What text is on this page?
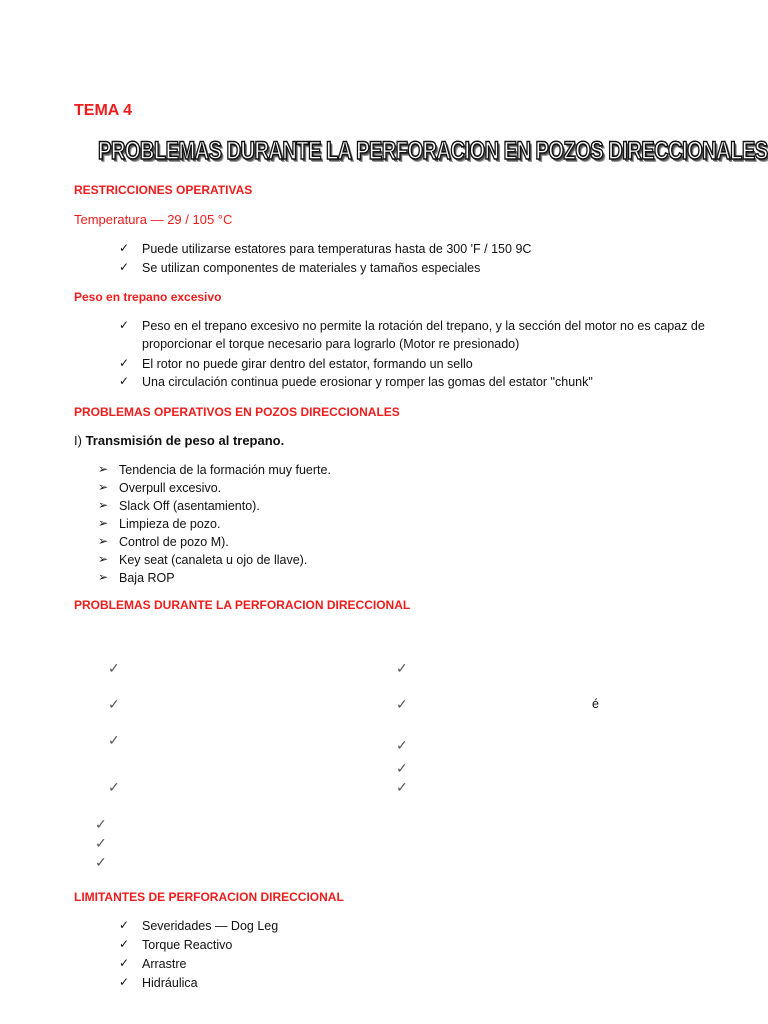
TEMA 4
PROBLEMAS DURANTE LA PERFORACION EN POZOS DIRECCIONALES
RESTRICCIONES OPERATIVAS
Temperatura — 29 / 105 °C
✓ Puede utilizarse estatores para temperaturas hasta de 300 'F / 150 9C
✓ Se utilizan componentes de materiales y tamaños especiales
Peso en trepano excesivo
✓ Peso en el trepano excesivo no permite la rotación del trepano, y la sección del motor no es capaz de
proporcionar el torque necesario para lograrlo (Motor re presionado)
✓ El rotor no puede girar dentro del estator, formando un sello
✓ Una circulación continua puede erosionar y romper las gomas del estator "chunk"
PROBLEMAS OPERATIVOS EN POZOS DIRECCIONALES
I) Transmisión de peso al trepano.
➢ Tendencia de la formación muy fuerte.
➢ Overpull excesivo.
➢ Slack Off (asentamiento).
➢ Limpieza de pozo.
➢ Control de pozo M).
➢ Key seat (canaleta u ojo de llave).
➢ Baja ROP
PROBLEMAS DURANTE LA PERFORACION DIRECCIONAL
✓
✓
✓
✓
✓
✓
✓
✓
✓
✓
✓
✓
é
LIMITANTES DE PERFORACION DIRECCIONAL
✓ Severidades — Dog Leg
✓ Torque Reactivo
✓ Arrastre
✓ Hidráulica
